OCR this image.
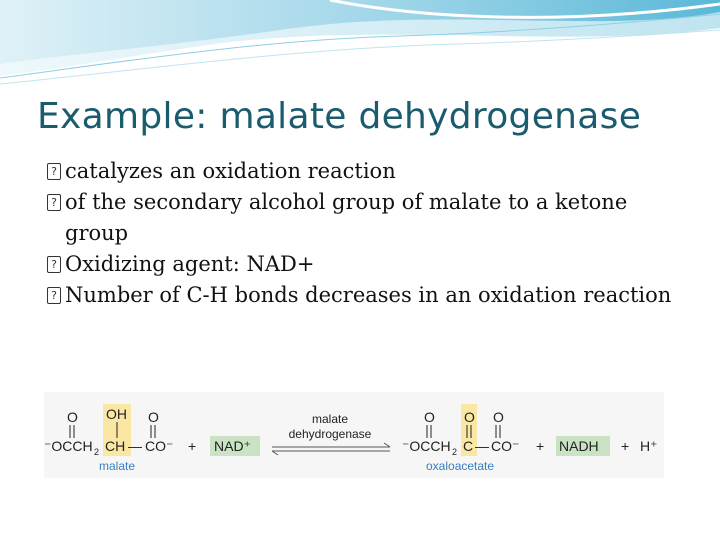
Example: malate dehydrogenase
? catalyzes an oxidation reaction
? of the secondary alcohol group of malate to a ketone group
? Oxidizing agent: NAD+
? Number of C-H bonds decreases in an oxidation reaction
O OH O
⁻OCCH 2 CH — CO⁻
malate
+ NAD⁺
malate
dehydrogenase
O O O
⁻OCCH 2 C — CO⁻
oxaloacetate
+ NADH + H⁺
